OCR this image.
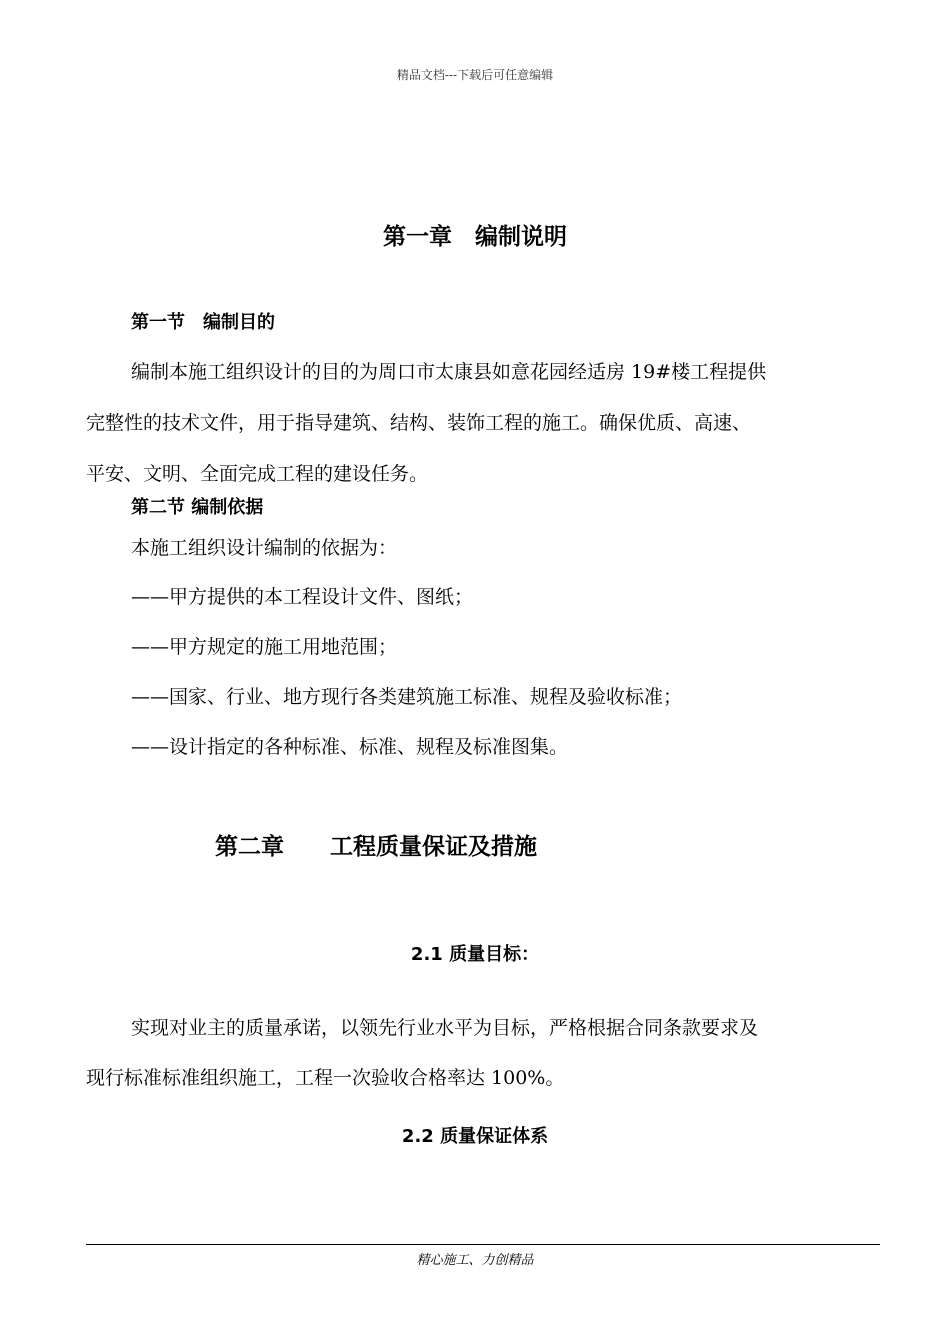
精品文档---下载后可任意编辑
第一章　编制说明
第一节　编制目的
编制本施工组织设计的目的为周口市太康县如意花园经适房 19#楼工程提供
完整性的技术文件，用于指导建筑、结构、装饰工程的施工。确保优质、高速、
平安、文明、全面完成工程的建设任务。
第二节 编制依据
本施工组织设计编制的依据为：
——甲方提供的本工程设计文件、图纸；
——甲方规定的施工用地范围；
——国家、行业、地方现行各类建筑施工标准、规程及验收标准；
——设计指定的各种标准、标准、规程及标准图集。
第二章　　工程质量保证及措施
2.1 质量目标：
实现对业主的质量承诺，以领先行业水平为目标，严格根据合同条款要求及
现行标准标准组织施工，工程一次验收合格率达 100%。
2.2 质量保证体系
精心施工、力创精品
